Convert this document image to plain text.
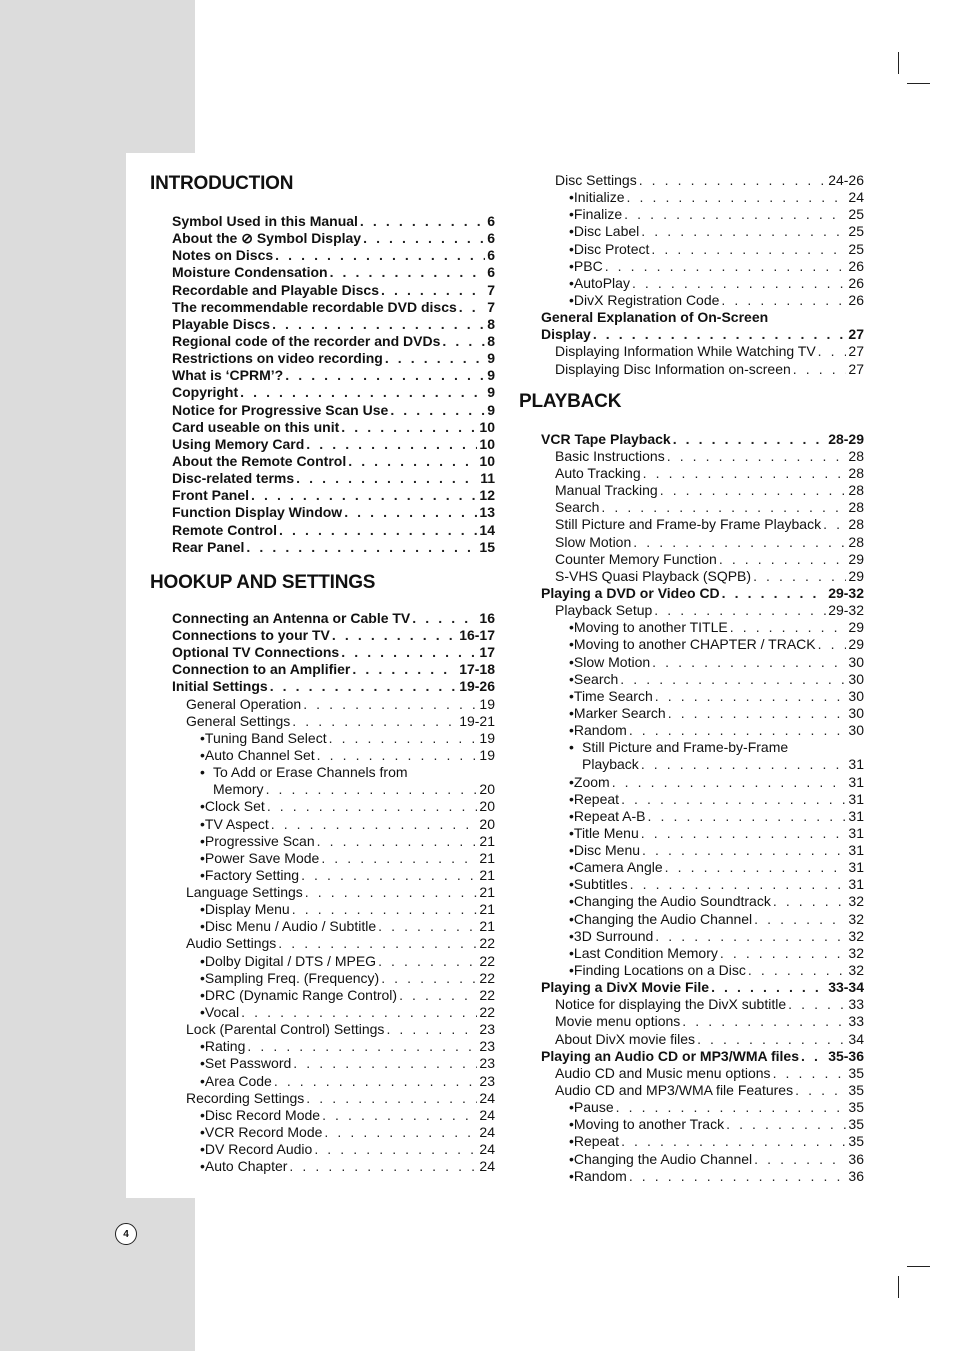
4
INTRODUCTION
Symbol Used in this Manual . . .	6
About the ⊘ Symbol Display . . .	6
Notes on Discs . . .	6
Moisture Condensation . . .	6
Recordable and Playable Discs . . .	7
The recommendable recordable DVD discs . . . 7
Playable Discs . . .	8
Regional code of the recorder and DVDs . . .	8
Restrictions on video recording . . .	9
What is ‘CPRM’? . . .	9
Copyright . . .	9
Notice for Progressive Scan Use . . .	9
Card useable on this unit . . .	10
Using Memory Card . . .	10
About the Remote Control . . .	10
Disc-related terms . . .	11
Front Panel . . .	12
Function Display Window . . .	13
Remote Control . . .	14
Rear Panel . . .	15
HOOKUP AND SETTINGS
Connecting an Antenna or Cable TV . . .	16
Connections to your TV . . .	16-17
Optional TV Connections . . .	17
Connection to an Amplifier . . .	17-18
Initial Settings . . .	19-26
General Operation . . .	19
General Settings . . .	19-21
• Tuning Band Select . . .	19
• Auto Channel Set . . .	19
• To Add or Erase Channels from
Memory . . .	20
• Clock Set . . .	20
• TV Aspect . . .	20
• Progressive Scan . . .	21
• Power Save Mode . . .	21
• Factory Setting . . .	21
Language Settings . . .	21
• Display Menu . . .	21
• Disc Menu / Audio / Subtitle . . .	21
Audio Settings . . .	22
• Dolby Digital / DTS / MPEG . . .	22
• Sampling Freq. (Frequency) . . .	22
• DRC (Dynamic Range Control) . . .	22
• Vocal . . .	22
Lock (Parental Control) Settings . . .	23
• Rating . . .	23
• Set Password . . .	23
• Area Code . . .	23
Recording Settings . . .	24
• Disc Record Mode . . .	24
• VCR Record Mode . . .	24
• DV Record Audio . . .	24
• Auto Chapter . . .	24
Disc Settings . . .	24-26
• Initialize . . .	24
• Finalize . . .	25
• Disc Label . . .	25
• Disc Protect . . .	25
• PBC . . .	26
• AutoPlay . . .	26
• DivX Registration Code . . .	26
General Explanation of On-Screen
Display . . .	27
Displaying Information While Watching TV . . . 27
Displaying Disc Information on-screen . . .	27
PLAYBACK
VCR Tape Playback . . .	28-29
Basic Instructions . . .	28
Auto Tracking . . .	28
Manual Tracking . . .	28
Search . . .	28
Still Picture and Frame-by Frame Playback . . . 28
Slow Motion . . .	28
Counter Memory Function . . .	29
S-VHS Quasi Playback (SQPB) . . .	29
Playing a DVD or Video CD . . .	29-32
Playback Setup . . .	29-32
• Moving to another TITLE . . .	29
• Moving to another CHAPTER / TRACK . . . 29
• Slow Motion . . .	30
• Search . . .	30
• Time Search . . .	30
• Marker Search . . .	30
• Random . . .	30
• Still Picture and Frame-by-Frame
Playback . . .	31
• Zoom . . .	31
• Repeat . . .	31
• Repeat A-B . . .	31
• Title Menu . . .	31
• Disc Menu . . .	31
• Camera Angle . . .	31
• Subtitles . . .	31
• Changing the Audio Soundtrack . . .	32
• Changing the Audio Channel . . .	32
• 3D Surround . . .	32
• Last Condition Memory . . .	32
• Finding Locations on a Disc . . .	32
Playing a DivX Movie File . . .	33-34
Notice for displaying the DivX subtitle . . .	33
Movie menu options . . .	33
About DivX movie files . . .	34
Playing an Audio CD or MP3/WMA files . . . 35-36
Audio CD and Music menu options . . .	35
Audio CD and MP3/WMA file Features . . .	35
• Pause . . .	35
• Moving to another Track . . .	35
• Repeat . . .	35
• Changing the Audio Channel . . .	36
• Random . . .	36
